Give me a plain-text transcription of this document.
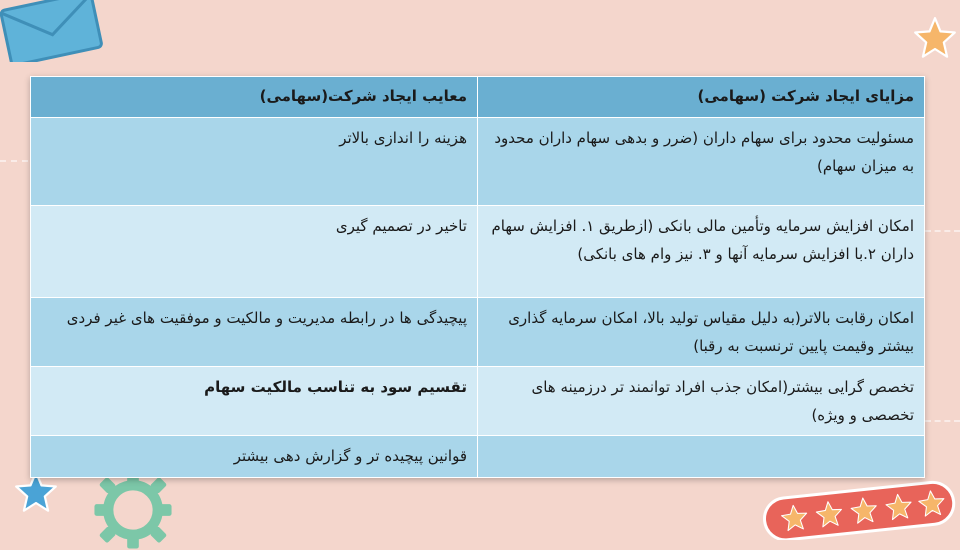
مزایای ایجاد شرکت (سهامی)	معایب ایجاد شرکت(سهامی)
مسئولیت محدود برای سهام داران (ضرر و بدهی سهام داران محدود به میزان سهام)	هزینه را اندازی بالاتر
امکان افزایش سرمایه وتأمین مالی بانکی (ازطریق ۱. افزایش سهام داران ۲.با افزایش سرمایه آنها و ۳. نیز وام های بانکی)	تاخیر در تصمیم گیری
امکان رقابت بالاتر(به دلیل مقیاس تولید بالا، امکان سرمایه گذاری بیشتر وقیمت پایین ترنسبت به رقبا)	پیچیدگی ها در رابطه مدیریت و مالکیت و موفقیت های غیر فردی
تخصص گرایی بیشتر(امکان جذب افراد توانمند تر درزمینه های تخصصی و ویژه)	تقسیم سود به تناسب مالکیت سهام
	قوانین پیچیده تر و گزارش دهی بیشتر
